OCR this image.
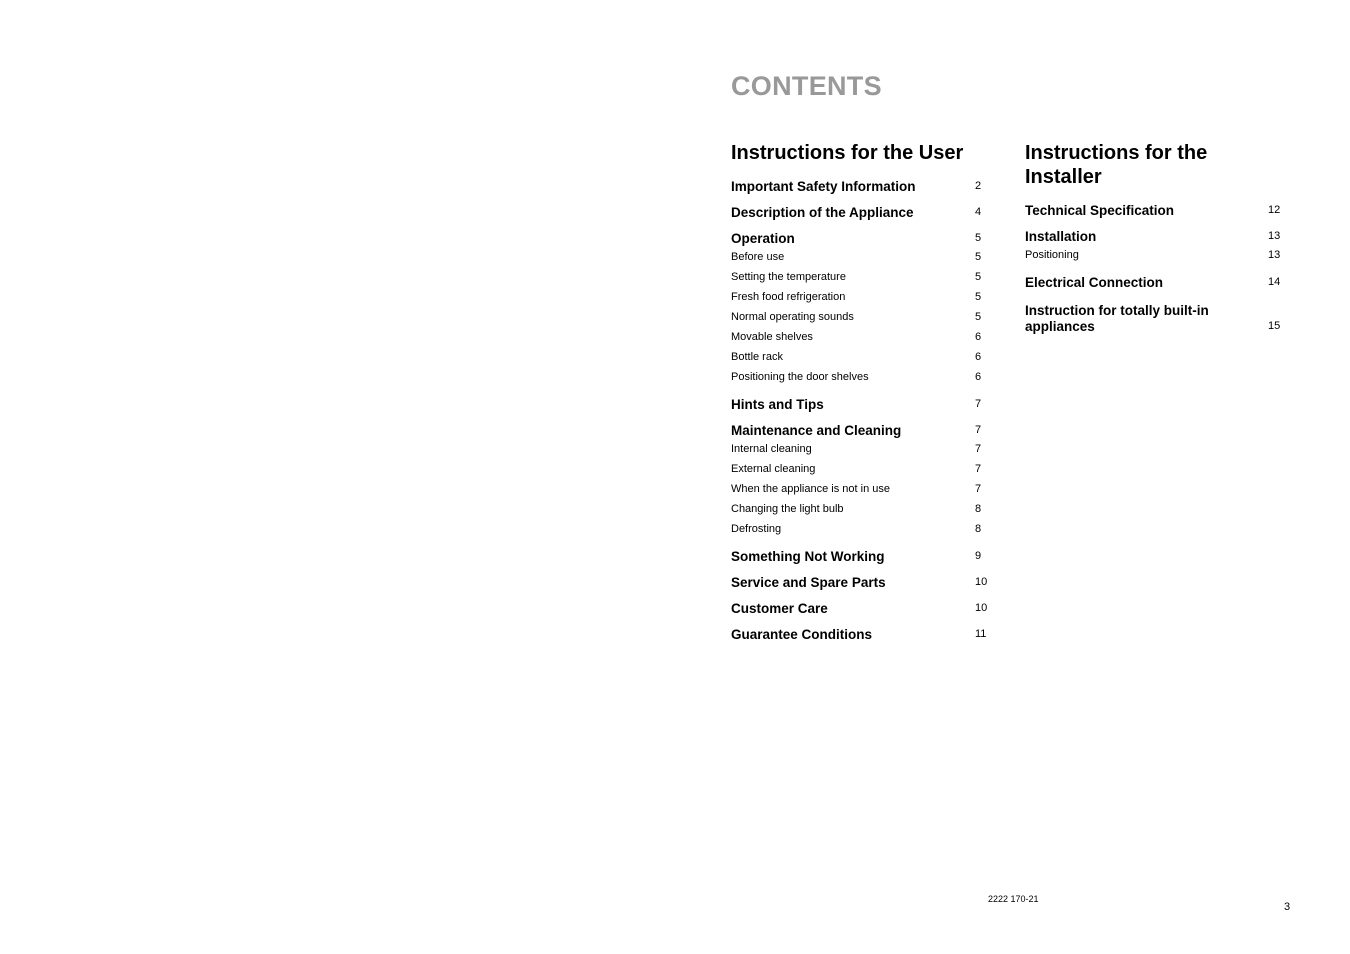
CONTENTS
Instructions for the User
Important Safety Information	2
Description of the Appliance	4
Operation	5
Before use	5
Setting the temperature	5
Fresh food refrigeration	5
Normal operating sounds	5
Movable shelves	6
Bottle rack	6
Positioning the door shelves	6
Hints and Tips	7
Maintenance and Cleaning	7
Internal cleaning	7
External cleaning	7
When the appliance is not in use	7
Changing the light bulb	8
Defrosting	8
Something Not Working	9
Service and Spare Parts	10
Customer Care	10
Guarantee Conditions	11
Instructions for the Installer
Technical Specification	12
Installation	13
Positioning	13
Electrical Connection	14
Instruction for totally built-in appliances	15
2222 170-21
3
